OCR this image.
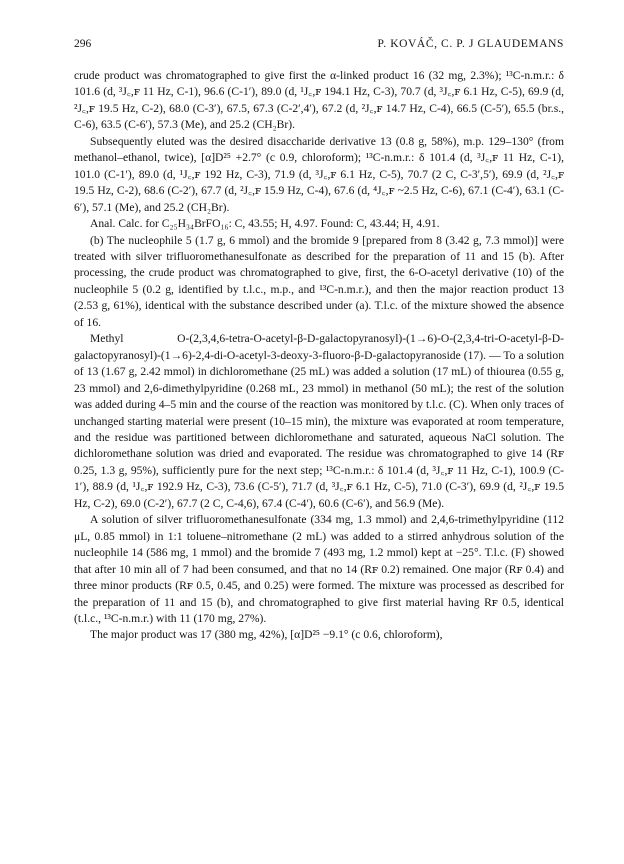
296	P. KOVÁČ, C. P. J GLAUDEMANS

crude product was chromatographed to give first the α-linked product 16 (32 mg, 2.3%); ¹³C-n.m.r.: δ 101.6 (d, ³J꜀,ꜰ 11 Hz, C-1), 96.6 (C-1′), 89.0 (d, ¹J꜀,ꜰ 194.1 Hz, C-3), 70.7 (d, ³J꜀,ꜰ 6.1 Hz, C-5), 69.9 (d, ²J꜀,ꜰ 19.5 Hz, C-2), 68.0 (C-3′), 67.5, 67.3 (C-2′,4′), 67.2 (d, ²J꜀,ꜰ 14.7 Hz, C-4), 66.5 (C-5′), 65.5 (br.s., C-6), 63.5 (C-6′), 57.3 (Me), and 25.2 (CH₂Br).

Subsequently eluted was the desired disaccharide derivative 13 (0.8 g, 58%), m.p. 129–130° (from methanol–ethanol, twice), [α]D²⁵ +2.7° (c 0.9, chloroform); ¹³C-n.m.r.: δ 101.4 (d, ³J꜀,ꜰ 11 Hz, C-1), 101.0 (C-1′), 89.0 (d, ¹J꜀,ꜰ 192 Hz, C-3), 71.9 (d, ³J꜀,ꜰ 6.1 Hz, C-5), 70.7 (2 C, C-3′,5′), 69.9 (d, ²J꜀,ꜰ 19.5 Hz, C-2), 68.6 (C-2′), 67.7 (d, ²J꜀,ꜰ 15.9 Hz, C-4), 67.6 (d, ⁴J꜀,ꜰ ~2.5 Hz, C-6), 67.1 (C-4′), 63.1 (C-6′), 57.1 (Me), and 25.2 (CH₂Br).

Anal. Calc. for C₂₅H₃₄BrFO₁₆: C, 43.55; H, 4.97. Found: C, 43.44; H, 4.91.

(b) The nucleophile 5 (1.7 g, 6 mmol) and the bromide 9 [prepared from 8 (3.42 g, 7.3 mmol)] were treated with silver trifluoromethanesulfonate as described for the preparation of 11 and 15 (b). After processing, the crude product was chromatographed to give, first, the 6-O-acetyl derivative (10) of the nucleophile 5 (0.2 g, identified by t.l.c., m.p., and ¹³C-n.m.r.), and then the major reaction product 13 (2.53 g, 61%), identical with the substance described under (a). T.l.c. of the mixture showed the absence of 16.

Methyl O-(2,3,4,6-tetra-O-acetyl-β-D-galactopyranosyl)-(1→6)-O-(2,3,4-tri-O-acetyl-β-D-galactopyranosyl)-(1→6)-2,4-di-O-acetyl-3-deoxy-3-fluoro-β-D-galactopyranoside (17). — To a solution of 13 (1.67 g, 2.42 mmol) in dichloromethane (25 mL) was added a solution (17 mL) of thiourea (0.55 g, 23 mmol) and 2,6-dimethylpyridine (0.268 mL, 23 mmol) in methanol (50 mL); the rest of the solution was added during 4–5 min and the course of the reaction was monitored by t.l.c. (C). When only traces of unchanged starting material were present (10–15 min), the mixture was evaporated at room temperature, and the residue was partitioned between dichloromethane and saturated, aqueous NaCl solution. The dichloromethane solution was dried and evaporated. The residue was chromatographed to give 14 (Rꜰ 0.25, 1.3 g, 95%), sufficiently pure for the next step; ¹³C-n.m.r.: δ 101.4 (d, ³J꜀,ꜰ 11 Hz, C-1), 100.9 (C-1′), 88.9 (d, ¹J꜀,ꜰ 192.9 Hz, C-3), 73.6 (C-5′), 71.7 (d, ³J꜀,ꜰ 6.1 Hz, C-5), 71.0 (C-3′), 69.9 (d, ²J꜀,ꜰ 19.5 Hz, C-2), 69.0 (C-2′), 67.7 (2 C, C-4,6), 67.4 (C-4′), 60.6 (C-6′), and 56.9 (Me).

A solution of silver trifluoromethanesulfonate (334 mg, 1.3 mmol) and 2,4,6-trimethylpyridine (112 μL, 0.85 mmol) in 1:1 toluene–nitromethane (2 mL) was added to a stirred anhydrous solution of the nucleophile 14 (586 mg, 1 mmol) and the bromide 7 (493 mg, 1.2 mmol) kept at −25°. T.l.c. (F) showed that after 10 min all of 7 had been consumed, and that no 14 (Rꜰ 0.2) remained. One major (Rꜰ 0.4) and three minor products (Rꜰ 0.5, 0.45, and 0.25) were formed. The mixture was processed as described for the preparation of 11 and 15 (b), and chromatographed to give first material having Rꜰ 0.5, identical (t.l.c., ¹³C-n.m.r.) with 11 (170 mg, 27%).

The major product was 17 (380 mg, 42%), [α]D²⁵ −9.1° (c 0.6, chloroform),
